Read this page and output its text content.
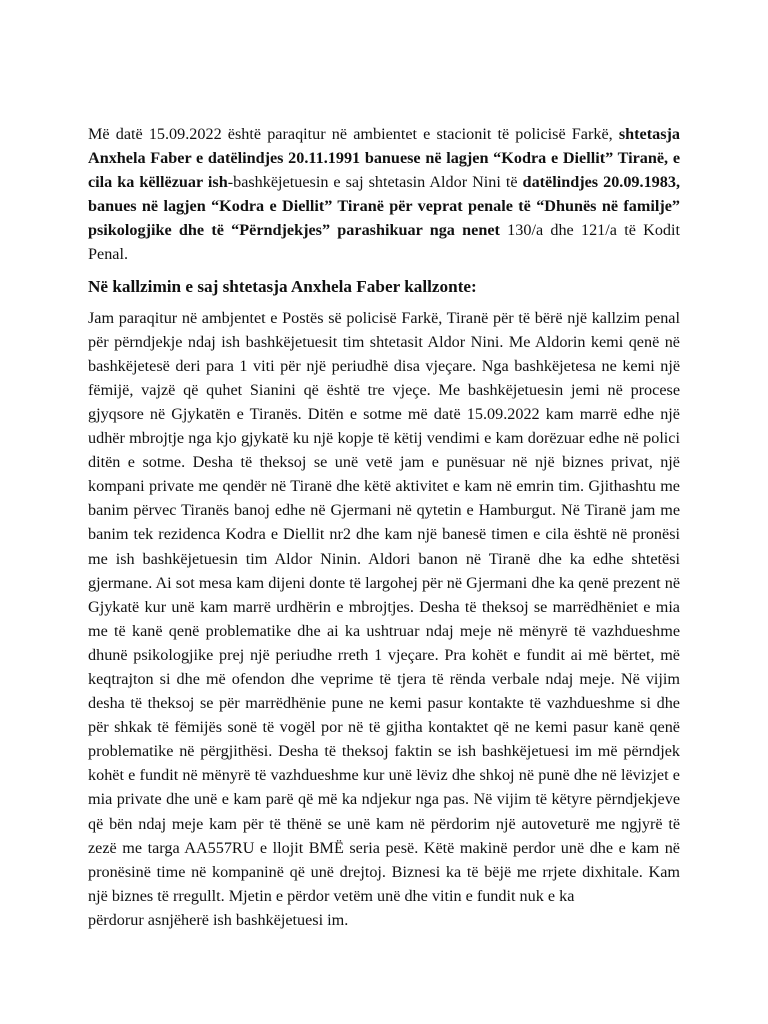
Më datë 15.09.2022 është paraqitur në ambientet e stacionit të policisë Farkë, shtetasja Anxhela Faber e datëlindjes 20.11.1991 banuese në lagjen “Kodra e Diellit” Tiranë, e cila ka këllëzuar ish-bashkëjetuesin e saj shtetasin Aldor Nini të datëlindjes 20.09.1983, banues në lagjen “Kodra e Diellit” Tiranë për veprat penale të “Dhunës në familje” psikologjike dhe të “Përndjekjes” parashikuar nga nenet 130/a dhe 121/a të Kodit Penal.

Në kallzimin e saj shtetasja Anxhela Faber kallzonte:

Jam paraqitur në ambjentet e Postës së policisë Farkë, Tiranë për të bërë një kallzim penal për përndjekje ndaj ish bashkëjetuesit tim shtetasit Aldor Nini. Me Aldorin kemi qenë në bashkëjetesë deri para 1 viti për një periudhë disa vjeçare. Nga bashkëjetesa ne kemi një fëmijë, vajzë që quhet Sianini që është tre vjeçe. Me bashkëjetuesin jemi në procese gjyqsore në Gjykatën e Tiranës. Ditën e sotme më datë 15.09.2022 kam marrë edhe një udhër mbrojtje nga kjo gjykatë ku një kopje të këtij vendimi e kam dorëzuar edhe në polici ditën e sotme. Desha të theksoj se unë vetë jam e punësuar në një biznes privat, një kompani private me qendër në Tiranë dhe këtë aktivitet e kam në emrin tim. Gjithashtu me banim përvec Tiranës banoj edhe në Gjermani në qytetin e Hamburgut. Në Tiranë jam me banim tek rezidenca Kodra e Diellit nr2 dhe kam një banesë timen e cila është në pronësi me ish bashkëjetuesin tim Aldor Ninin. Aldori banon në Tiranë dhe ka edhe shtetësi gjermane. Ai sot mesa kam dijeni donte të largohej për në Gjermani dhe ka qenë prezent në Gjykatë kur unë kam marrë urdhërin e mbrojtjes. Desha të theksoj se marrëdhëniet e mia me të kanë qenë problematike dhe ai ka ushtruar ndaj meje në mënyrë të vazhdueshme dhunë psikologjike prej një periudhe rreth 1 vjeçare. Pra kohët e fundit ai më bërtet, më keqtrajton si dhe më ofendon dhe veprime të tjera të rënda verbale ndaj meje. Në vijim desha të theksoj se për marrëdhënie pune ne kemi pasur kontakte të vazhdueshme si dhe për shkak të fëmijës sonë të vogël por në të gjitha kontaktet që ne kemi pasur kanë qenë problematike në përgjithësi. Desha të theksoj faktin se ish bashkëjetuesi im më përndjek kohët e fundit në mënyrë të vazhdueshme kur unë lëviz dhe shkoj në punë dhe në lëvizjet e mia private dhe unë e kam parë që më ka ndjekur nga pas. Në vijim të këtyre përndjekjeve që bën ndaj meje kam për të thënë se unë kam në përdorim një autoveturë me ngjyrë të zezë me targa AA557RU e llojit BMË seria pesë. Këtë makinë perdor unë dhe e kam në pronësinë time në kompaninë që unë drejtoj. Biznesi ka të bëjë me rrjete dixhitale. Kam një biznes të rregullt. Mjetin e përdor vetëm unë dhe vitin e fundit nuk e ka

përdorur asnjëherë ish bashkëjetuesi im.
